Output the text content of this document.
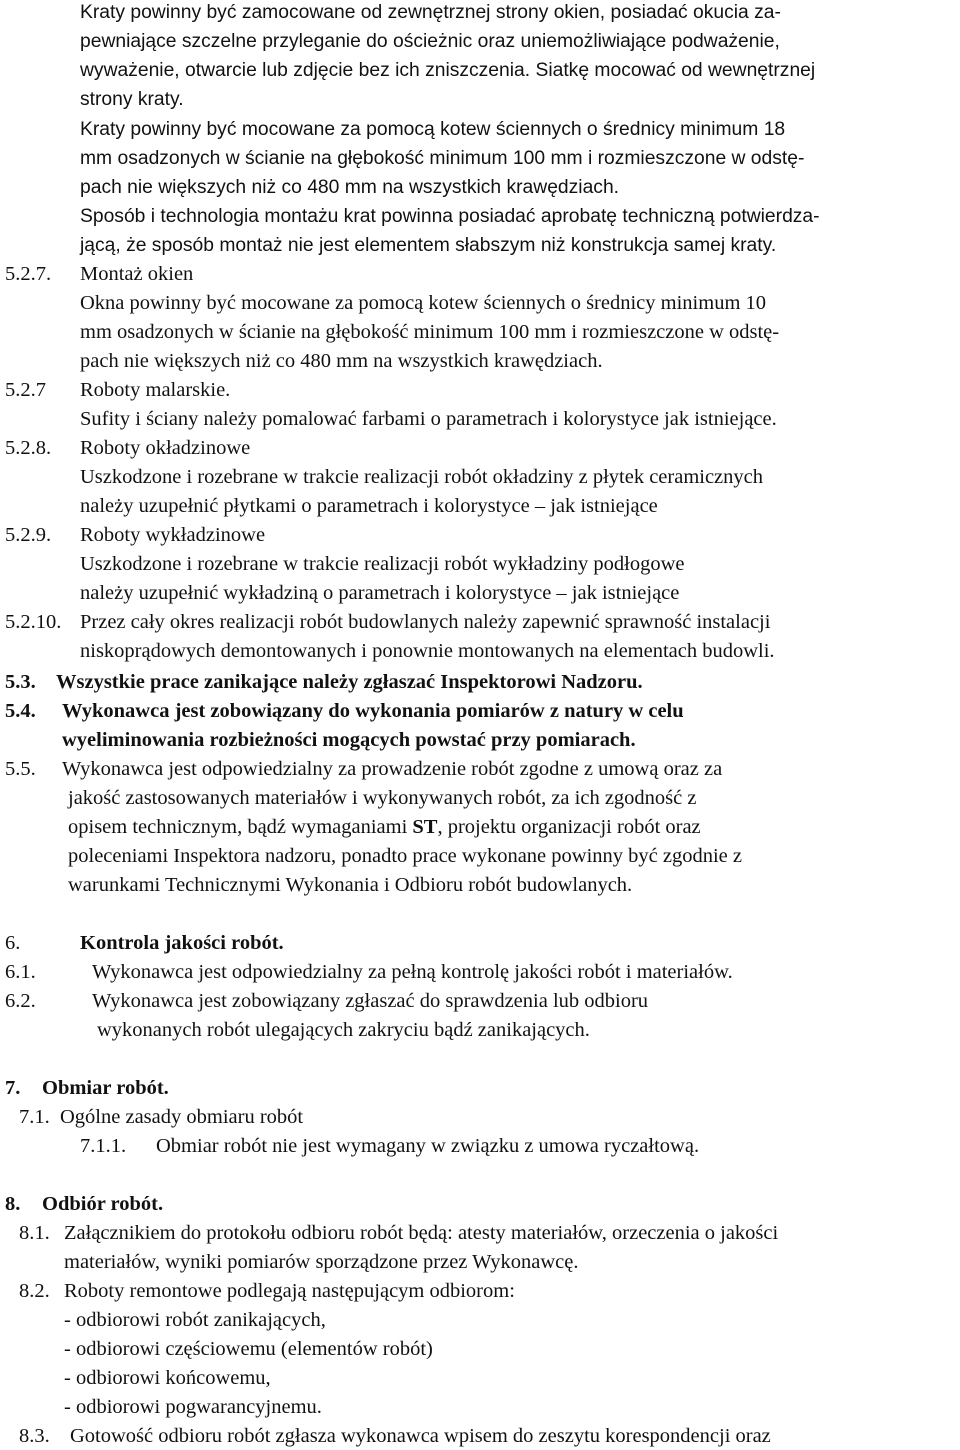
Kraty powinny być zamocowane od zewnętrznej strony okien, posiadać okucia za-
pewniające szczelne przyleganie do ościeżnic oraz uniemożliwiające podważenie,
wyważenie, otwarcie lub zdjęcie bez ich zniszczenia. Siatkę mocować od wewnętrznej
strony kraty.
Kraty powinny być mocowane za pomocą kotew ściennych o średnicy minimum 18
mm osadzonych w ścianie na głębokość minimum 100 mm i rozmieszczone w odstę-
pach nie większych niż co 480 mm na wszystkich krawędziach.
Sposób i technologia montażu krat powinna posiadać aprobatę techniczną potwierdza-
jącą, że sposób montaż nie jest elementem słabszym niż konstrukcja samej kraty.
5.2.7. Montaż okien
Okna powinny być mocowane za pomocą kotew ściennych o średnicy minimum 10
mm osadzonych w ścianie na głębokość minimum 100 mm i rozmieszczone w odstę-
pach nie większych niż co 480 mm na wszystkich krawędziach.
5.2.7 Roboty malarskie.
Sufity i ściany należy pomalować farbami o parametrach i kolorystyce jak istniejące.
5.2.8. Roboty okładzinowe
Uszkodzone i rozebrane w trakcie realizacji robót okładziny z płytek ceramicznych
należy uzupełnić płytkami o parametrach i kolorystyce – jak istniejące
5.2.9. Roboty wykładzinowe
Uszkodzone i rozebrane w trakcie realizacji robót wykładziny podłogowe
należy uzupełnić wykładziną o parametrach i kolorystyce – jak istniejące
5.2.10. Przez cały okres realizacji robót budowlanych należy zapewnić sprawność instalacji
niskoprądowych demontowanych i ponownie montowanych na elementach budowli.
5.3. Wszystkie prace zanikające należy zgłaszać Inspektorowi Nadzoru.
5.4. Wykonawca jest zobowiązany do wykonania pomiarów z natury w celu
wyeliminowania rozbieżności mogących powstać przy pomiarach.
5.5. Wykonawca jest odpowiedzialny za prowadzenie robót zgodne z umową oraz za
jakość zastosowanych materiałów i wykonywanych robót, za ich zgodność z
opisem technicznym, bądź wymaganiami ST, projektu organizacji robót oraz
poleceniami Inspektora nadzoru, ponadto prace wykonane powinny być zgodnie z
warunkami Technicznymi Wykonania i Odbioru robót budowlanych.
6.	Kontrola jakości robót.
6.1.	Wykonawca jest odpowiedzialny za pełną kontrolę jakości robót i materiałów.
6.2.	Wykonawca jest zobowiązany zgłaszać do sprawdzenia lub odbioru
wykonanych robót ulegających zakryciu bądź zanikających.
7. Obmiar robót.
7.1. Ogólne zasady obmiaru robót
7.1.1. Obmiar robót nie jest wymagany w związku z umowa ryczałtową.
8. Odbiór robót.
8.1. Załącznikiem do protokołu odbioru robót będą: atesty materiałów, orzeczenia o jakości
materiałów, wyniki pomiarów sporządzone przez Wykonawcę.
8.2. Roboty remontowe podlegają następującym odbiorom:
- odbiorowi robót zanikających,
- odbiorowi częściowemu (elementów robót)
- odbiorowi końcowemu,
- odbiorowi pogwarancyjnemu.
8.3. Gotowość odbioru robót zgłasza wykonawca wpisem do zeszytu korespondencji oraz
